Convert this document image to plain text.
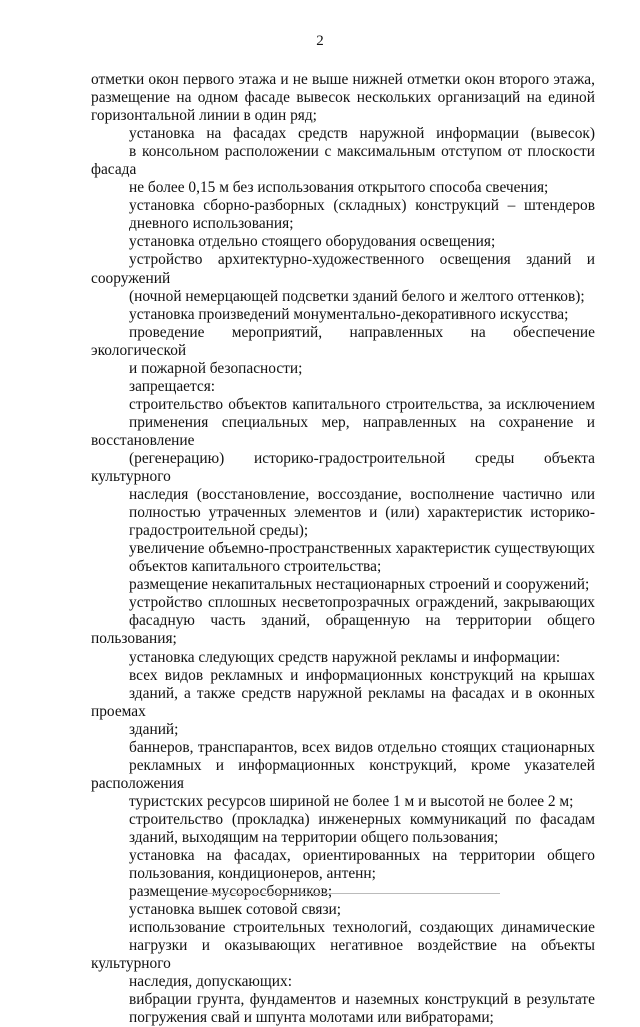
2

отметки окон первого этажа и не выше нижней отметки окон второго этажа,
размещение на одном фасаде вывесок нескольких организаций на единой
горизонтальной линии в один ряд;

установка на фасадах средств наружной информации (вывесок)
в консольном расположении с максимальным отступом от плоскости фасада
не более 0,15 м без использования открытого способа свечения;

установка сборно-разборных (складных) конструкций – штендеров
дневного использования;

установка отдельно стоящего оборудования освещения;

устройство архитектурно-художественного освещения зданий и сооружений
(ночной немерцающей подсветки зданий белого и желтого оттенков);

установка произведений монументально-декоративного искусства;

проведение мероприятий, направленных на обеспечение экологической
и пожарной безопасности;

запрещается:

строительство объектов капитального строительства, за исключением
применения специальных мер, направленных на сохранение и восстановление
(регенерацию) историко-градостроительной среды объекта культурного
наследия (восстановление, воссоздание, восполнение частично или
полностью утраченных элементов и (или) характеристик историко-
градостроительной среды);

увеличение объемно-пространственных характеристик существующих
объектов капитального строительства;

размещение некапитальных нестационарных строений и сооружений;

устройство сплошных несветопрозрачных ограждений, закрывающих
фасадную часть зданий, обращенную на территории общего пользования;

установка следующих средств наружной рекламы и информации:

всех видов рекламных и информационных конструкций на крышах
зданий, а также средств наружной рекламы на фасадах и в оконных проемах
зданий;

баннеров, транспарантов, всех видов отдельно стоящих стационарных
рекламных и информационных конструкций, кроме указателей расположения
туристских ресурсов шириной не более 1 м и высотой не более 2 м;

строительство (прокладка) инженерных коммуникаций по фасадам
зданий, выходящим на территории общего пользования;

установка на фасадах, ориентированных на территории общего
пользования, кондиционеров, антенн;

размещение мусоросборников;

установка вышек сотовой связи;

использование строительных технологий, создающих динамические
нагрузки и оказывающих негативное воздействие на объекты культурного
наследия, допускающих:

вибрации грунта, фундаментов и наземных конструкций в результате
погружения свай и шпунта молотами или вибраторами;
